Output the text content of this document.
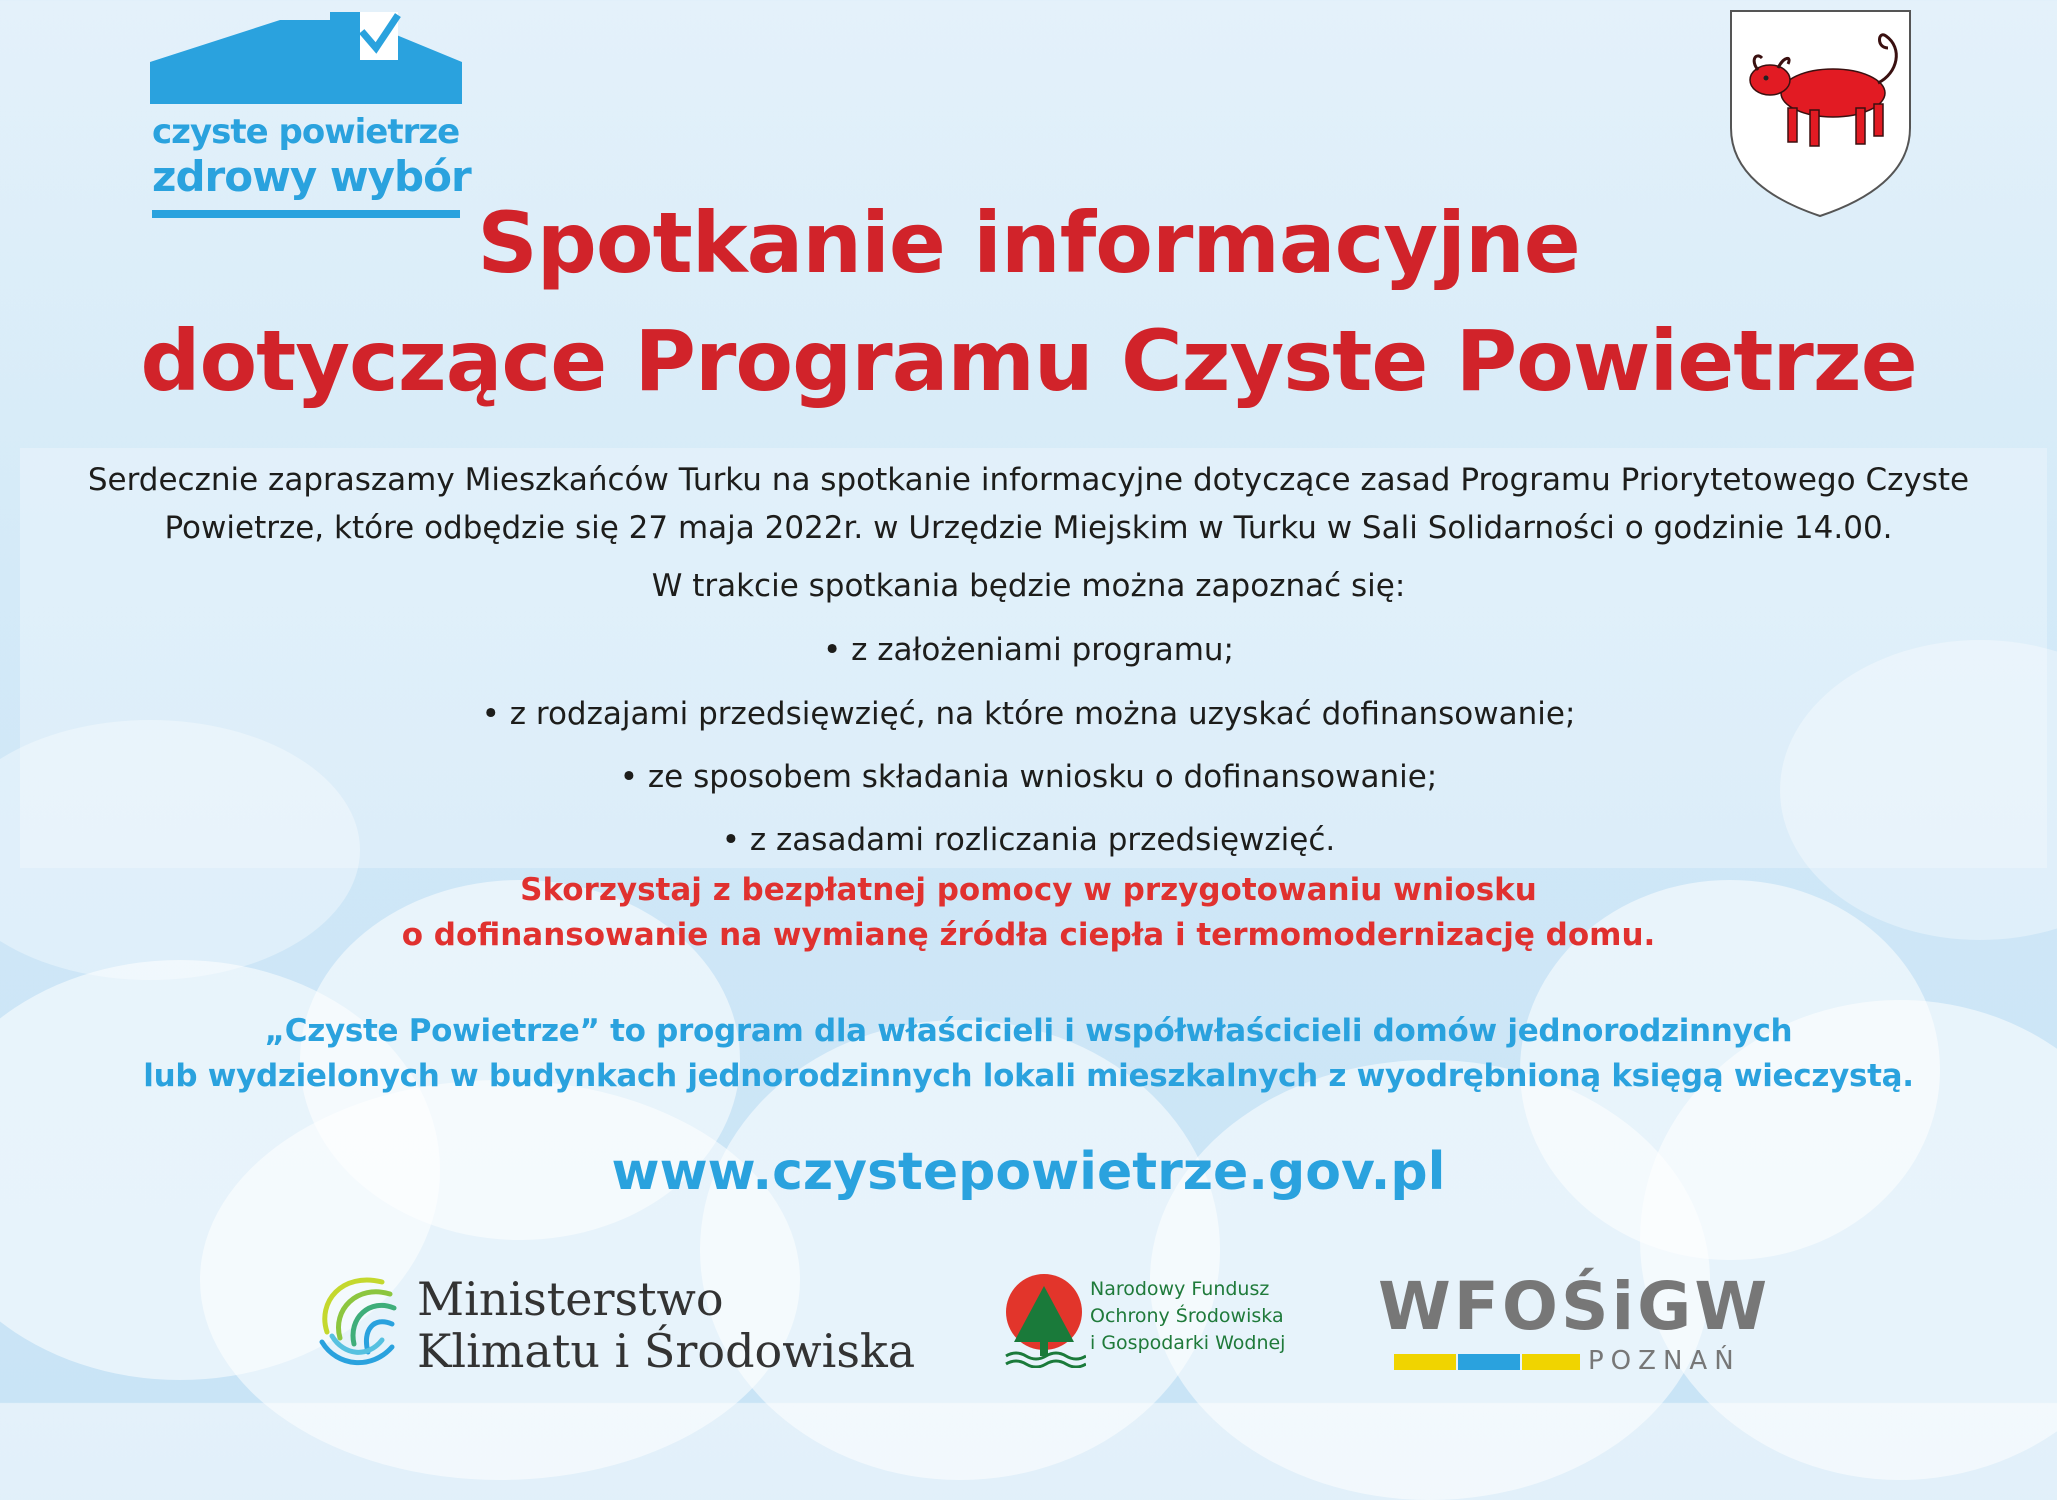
czyste powietrze
zdrowy wybór
Spotkanie informacyjne
dotyczące Programu Czyste Powietrze
Serdecznie zapraszamy Mieszkańców Turku na spotkanie informacyjne dotyczące zasad Programu Priorytetowego Czyste
Powietrze, które odbędzie się 27 maja 2022r. w Urzędzie Miejskim w Turku w Sali Solidarności o godzinie 14.00.
W trakcie spotkania będzie można zapoznać się:
• z założeniami programu;
• z rodzajami przedsięwzięć, na które można uzyskać dofinansowanie;
• ze sposobem składania wniosku o dofinansowanie;
• z zasadami rozliczania przedsięwzięć.
Skorzystaj z bezpłatnej pomocy w przygotowaniu wniosku
o dofinansowanie na wymianę źródła ciepła i termomodernizację domu.
„Czyste Powietrze” to program dla właścicieli i współwłaścicieli domów jednorodzinnych
lub wydzielonych w budynkach jednorodzinnych lokali mieszkalnych z wyodrębnioną księgą wieczystą.
www.czystepowietrze.gov.pl
Ministerstwo
Klimatu i Środowiska
Narodowy Fundusz
Ochrony Środowiska
i Gospodarki Wodnej WFOŚiGW
POZNAŃ
